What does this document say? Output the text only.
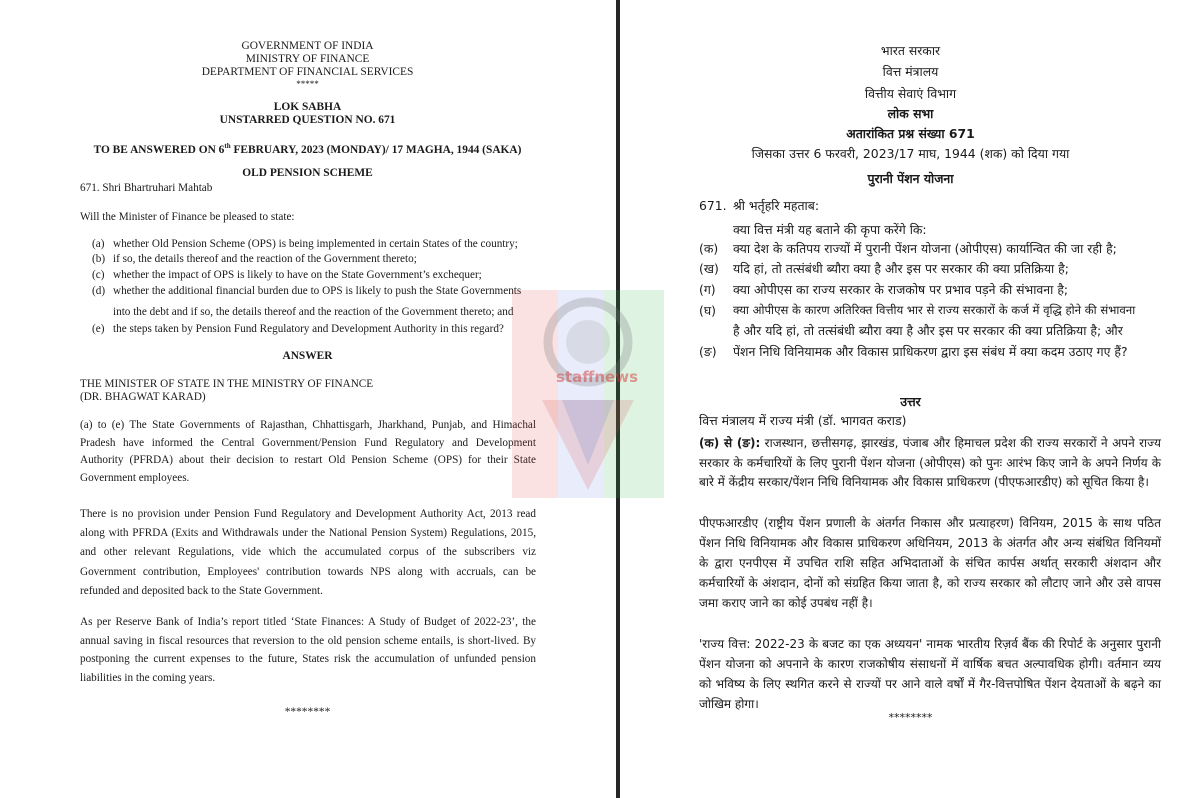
GOVERNMENT OF INDIA

MINISTRY OF FINANCE

DEPARTMENT OF FINANCIAL SERVICES

*****

LOK SABHA

UNSTARRED QUESTION NO. 671

TO BE ANSWERED ON 6th FEBRUARY, 2023 (MONDAY)/ 17 MAGHA, 1944 (SAKA)

OLD PENSION SCHEME

671. Shri Bhartruhari Mahtab

Will the Minister of Finance be pleased to state:

(a) whether Old Pension Scheme (OPS) is being implemented in certain States of the country;
(b) if so, the details thereof and the reaction of the Government thereto;
(c) whether the impact of OPS is likely to have on the State Government’s exchequer;
(d) whether the additional financial burden due to OPS is likely to push the State Governments
into the debt and if so, the details thereof and the reaction of the Government thereto; and
(e) the steps taken by Pension Fund Regulatory and Development Authority in this regard?

ANSWER

THE MINISTER OF STATE IN THE MINISTRY OF FINANCE

(DR. BHAGWAT KARAD)

(a) to (e) The State Governments of Rajasthan, Chhattisgarh, Jharkhand, Punjab, and Himachal Pradesh have informed the Central Government/Pension Fund Regulatory and Development Authority (PFRDA) about their decision to restart Old Pension Scheme (OPS) for their State Government employees.

There is no provision under Pension Fund Regulatory and Development Authority Act, 2013 read along with PFRDA (Exits and Withdrawals under the National Pension System) Regulations, 2015, and other relevant Regulations, vide which the accumulated corpus of the subscribers viz Government contribution, Employees' contribution towards NPS along with accruals, can be refunded and deposited back to the State Government.

As per Reserve Bank of India’s report titled ‘State Finances: A Study of Budget of 2022-23’, the annual saving in fiscal resources that reversion to the old pension scheme entails, is short-lived. By postponing the current expenses to the future, States risk the accumulation of unfunded pension liabilities in the coming years.

********

भारत सरकार

वित्त मंत्रालय

वित्तीय सेवाएं विभाग

लोक सभा

अतारांकित प्रश्न संख्या 671

जिसका उत्तर 6 फरवरी, 2023/17 माघ, 1944 (शक) को दिया गया

पुरानी पेंशन योजना

671. श्री भर्तृहरि महताब:

क्या वित्त मंत्री यह बताने की कृपा करेंगे कि:

(क) क्या देश के कतिपय राज्यों में पुरानी पेंशन योजना (ओपीएस) कार्यान्वित की जा रही है;
(ख) यदि हां, तो तत्संबंधी ब्यौरा क्या है और इस पर सरकार की क्या प्रतिक्रिया है;
(ग) क्या ओपीएस का राज्य सरकार के राजकोष पर प्रभाव पड़ने की संभावना है;
(घ) क्या ओपीएस के कारण अतिरिक्त वित्तीय भार से राज्य सरकारों के कर्ज में वृद्धि होने की संभावना
है और यदि हां, तो तत्संबंधी ब्यौरा क्या है और इस पर सरकार की क्या प्रतिक्रिया है; और
(ङ) पेंशन निधि विनियामक और विकास प्राधिकरण द्वारा इस संबंध में क्या कदम उठाए गए हैं?

उत्तर

वित्त मंत्रालय में राज्य मंत्री (डॉ. भागवत कराड)

(क) से (ङ): राजस्थान, छत्तीसगढ़, झारखंड, पंजाब और हिमाचल प्रदेश की राज्य सरकारों ने अपने राज्य सरकार के कर्मचारियों के लिए पुरानी पेंशन योजना (ओपीएस) को पुनः आरंभ किए जाने के अपने निर्णय के बारे में केंद्रीय सरकार/पेंशन निधि विनियामक और विकास प्राधिकरण (पीएफआरडीए) को सूचित किया है।

पीएफआरडीए (राष्ट्रीय पेंशन प्रणाली के अंतर्गत निकास और प्रत्याहरण) विनियम, 2015 के साथ पठित पेंशन निधि विनियामक और विकास प्राधिकरण अधिनियम, 2013 के अंतर्गत और अन्य संबंधित विनियमों के द्वारा एनपीएस में उपचित राशि सहित अभिदाताओं के संचित कार्पस अर्थात् सरकारी अंशदान और कर्मचारियों के अंशदान, दोनों को संग्रहित किया जाता है, को राज्य सरकार को लौटाए जाने और उसे वापस जमा कराए जाने का कोई उपबंध नहीं है।

'राज्य वित्त: 2022-23 के बजट का एक अध्ययन' नामक भारतीय रिज़र्व बैंक की रिपोर्ट के अनुसार पुरानी पेंशन योजना को अपनाने के कारण राजकोषीय संसाधनों में वार्षिक बचत अल्पावधिक होगी। वर्तमान व्यय को भविष्य के लिए स्थगित करने से राज्यों पर आने वाले वर्षों में गैर-वित्तपोषित पेंशन देयताओं के बढ़ने का जोखिम होगा।

********

staffnews
